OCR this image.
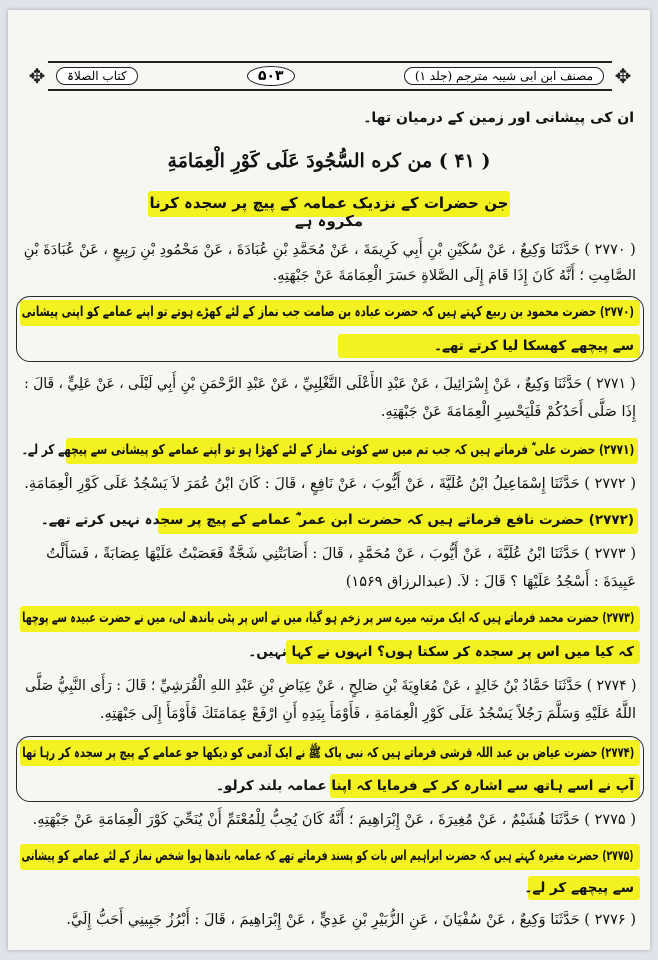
✥
مصنف ابن ابی شیبہ مترجم (جلد ۱)
۵۰۳
کتاب الصلاۃ
✥
ان کی پیشانی اور زمین کے درمیان تھا۔
( ۴۱ ) من كره السُّجُودَ عَلَى كَوْرِ الْعِمَامَةِ
جن حضرات کے نزدیک عمامہ کے پیچ پر سجدہ کرنا مکروہ ہے
( ۲۷۷۰ ) حَدَّثَنَا وَكِيعٌ ، عَنْ سُكَيْنِ بْنِ أَبِي كَرِيمَةَ ، عَنْ مُحَمَّدِ بْنِ عُبَادَةَ ، عَنْ مَحْمُودِ بْنِ رَبِيعٍ ، عَنْ عُبَادَةَ بْنِ
الصَّامِتِ ؛ أَنَّهُ كَانَ إِذَا قَامَ إِلَى الصَّلاةِ حَسَرَ الْعِمَامَةَ عَنْ جَبْهَتِهِ.
(۲۷۷۰) حضرت محمود بن ربیع کہتے ہیں کہ حضرت عبادہ بن صامت جب نماز کے لئے کھڑے ہوتے تو اپنے عمامے کو اپنی پیشانی
سے پیچھے کھسکا لیا کرتے تھے۔
( ۲۷۷۱ ) حَدَّثَنَا وَكِيعٌ ، عَنْ إِسْرَائِيلَ ، عَنْ عَبْدِ الأَعْلَى التَّغْلِبِيِّ ، عَنْ عَبْدِ الرَّحْمَنِ بْنِ أَبِي لَيْلَى ، عَنْ عَلِيٍّ ، قَالَ :
إِذَا صَلَّى أَحَدُكُمْ فَلْيَحْسِرِ الْعِمَامَةَ عَنْ جَبْهَتِهِ.
(۲۷۷۱) حضرت علی ؓ فرماتے ہیں کہ جب تم میں سے کوئی نماز کے لئے کھڑا ہو تو اپنے عمامے کو پیشانی سے پیچھے کر لے۔
( ۲۷۷۲ ) حَدَّثَنَا إِسْمَاعِيلُ ابْنُ عُلَيَّةَ ، عَنْ أَيُّوبَ ، عَنْ نَافِعٍ ، قَالَ : كَانَ ابْنُ عُمَرَ لاَ يَسْجُدُ عَلَى كَوْرِ الْعِمَامَةِ.
(۲۷۷۲) حضرت نافع فرماتے ہیں کہ حضرت ابن عمر ؓ عمامے کے پیچ پر سجدہ نہیں کرتے تھے۔
( ۲۷۷۳ ) حَدَّثَنَا ابْنُ عُلَيَّةَ ، عَنْ أَيُّوبَ ، عَنْ مُحَمَّدٍ ، قَالَ : أَصَابَتْنِي شَجَّةٌ فَعَصَبْتُ عَلَيْهَا عِصَابَةً ، فَسَأَلْتُ
عَبِيدَةَ : أَسْجُدُ عَلَيْهَا ؟ قَالَ : لاَ. (عبدالرزاق ۱۵۶۹)
(۲۷۷۳) حضرت محمد فرماتے ہیں کہ ایک مرتبہ میرے سر پر زخم ہو گیا، میں نے اس پر پٹی باندھ لی، میں نے حضرت عبیدہ سے پوچھا
کہ کیا میں اس پر سجدہ کر سکتا ہوں؟ انہوں نے کہا نہیں۔
( ۲۷۷۴ ) حَدَّثَنَا حَمَّادُ بْنُ خَالِدٍ ، عَنْ مُعَاوِيَةَ بْنِ صَالِحٍ ، عَنْ عِيَاضِ بْنِ عَبْدِ اللهِ الْقُرَشِيِّ ؛ قَالَ : رَأَى النَّبِيُّ صَلَّى
اللَّهُ عَلَيْهِ وَسَلَّمَ رَجُلاً يَسْجُدُ عَلَى كَوْرِ الْعِمَامَةِ ، فَأَوْمَأَ بِيَدِهِ أَنِ ارْفَعْ عِمَامَتَكَ فَأَوْمَأَ إِلَى جَبْهَتِهِ.
(۲۷۷۴) حضرت عیاض بن عبد اللہ قرشی فرماتے ہیں کہ نبی پاک ﷺ نے ایک آدمی کو دیکھا جو عمامے کے پیچ پر سجدہ کر رہا تھا
آپ نے اسے ہاتھ سے اشارہ کر کے فرمایا کہ اپنا عمامہ بلند کرلو۔
( ۲۷۷۵ ) حَدَّثَنَا هُشَيْمٌ ، عَنْ مُغِيرَةَ ، عَنْ إِبْرَاهِيمَ ؛ أَنَّهُ كَانَ يُحِبُّ لِلْمُعْتَمِّ أَنْ يُنَحِّيَ كَوْرَ الْعِمَامَةِ عَنْ جَبْهَتِهِ.
(۲۷۷۵) حضرت مغیرہ کہتے ہیں کہ حضرت ابراہیم اس بات کو پسند فرماتے تھے کہ عمامہ باندھا ہوا شخص نماز کے لئے عمامے کو پیشانی
سے پیچھے کر لے۔
( ۲۷۷۶ ) حَدَّثَنَا وَكِيعٌ ، عَنْ سُفْيَانَ ، عَنِ الزُّبَيْرِ بْنِ عَدِيٍّ ، عَنْ إِبْرَاهِيمَ ، قَالَ : أَبْرُزُ جَبِينِي أَحَبُّ إِلَيَّ.
